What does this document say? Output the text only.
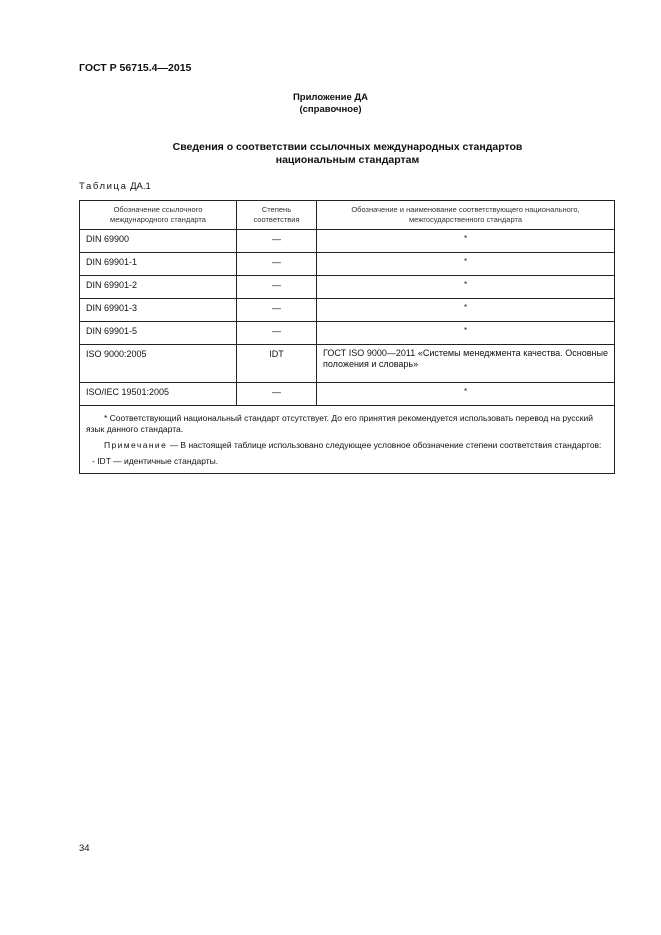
ГОСТ Р 56715.4—2015
Приложение ДА
(справочное)
Сведения о соответствии ссылочных международных стандартов
национальным стандартам
Таблица ДА.1
Обозначение ссылочного международного стандарта	Степень соответствия	Обозначение и наименование соответствующего национального, межгосударственного стандарта
DIN 69900	—	*
DIN 69901-1	—	*
DIN 69901-2	—	*
DIN 69901-3	—	*
DIN 69901-5	—	*
ISO 9000:2005	IDT	ГОСТ ISO 9000—2011 «Системы менеджмента качества. Основные положения и словарь»
ISO/IEC 19501:2005	—	*

* Соответствующий национальный стандарт отсутствует. До его принятия рекомендуется использовать перевод на русский язык данного стандарта.

Примечание — В настоящей таблице использовано следующее условное обозначение степени соответствия стандартов:

- IDT — идентичные стандарты.		

34
